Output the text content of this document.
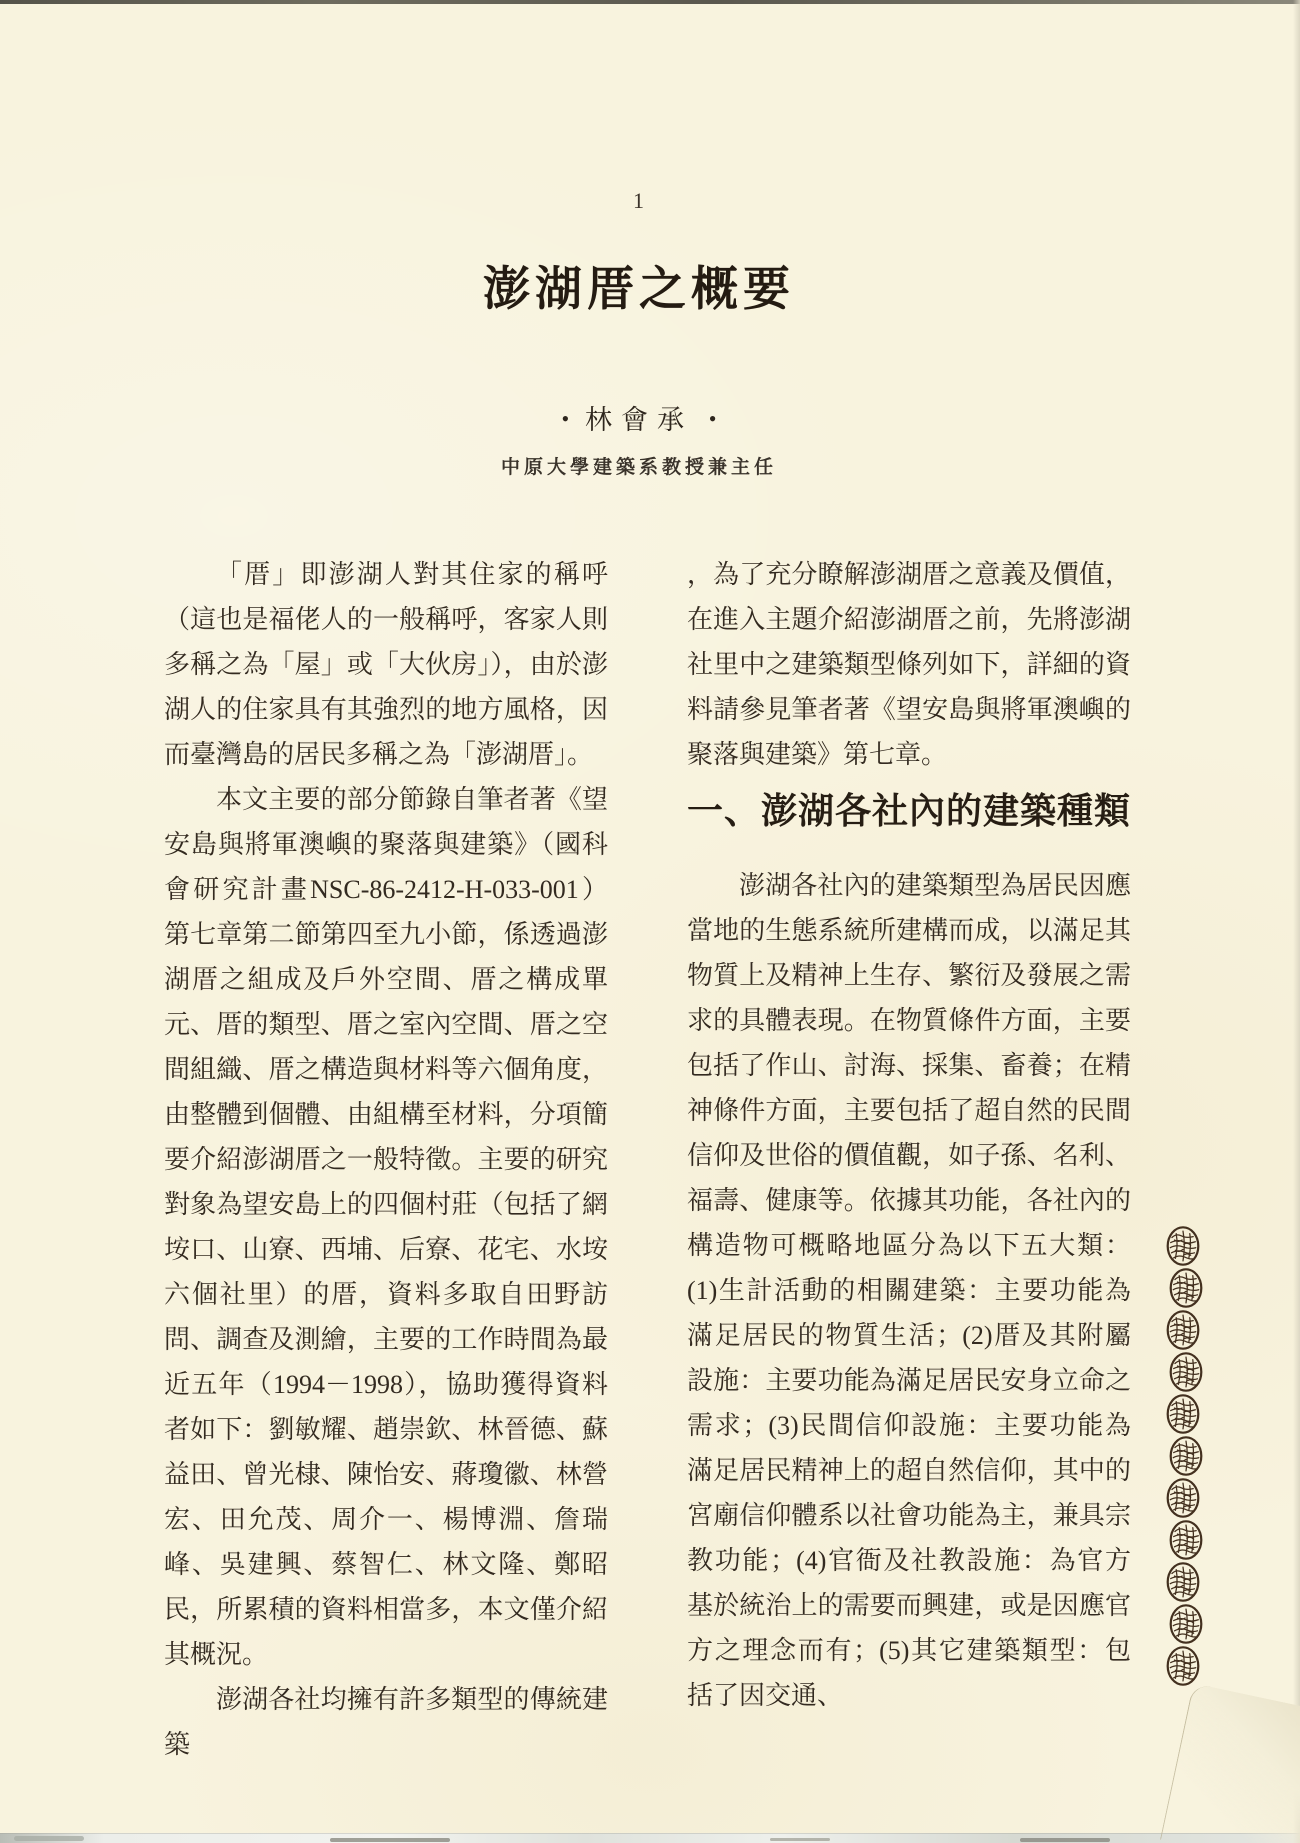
1
澎湖厝之概要
• 林會承 •
中原大學建築系教授兼主任

「厝」即澎湖人對其住家的稱呼（這也是福佬人的一般稱呼，客家人則多稱之為「屋」或「大伙房」），由於澎湖人的住家具有其強烈的地方風格，因而臺灣島的居民多稱之為「澎湖厝」。

本文主要的部分節錄自筆者著《望安島與將軍澳嶼的聚落與建築》（國科會研究計畫NSC-86-2412-H-033-001）第七章第二節第四至九小節，係透過澎湖厝之組成及戶外空間、厝之構成單元、厝的類型、厝之室內空間、厝之空間組織、厝之構造與材料等六個角度，由整體到個體、由組構至材料，分項簡要介紹澎湖厝之一般特徵。主要的研究對象為望安島上的四個村莊（包括了網垵口、山寮、西埔、后寮、花宅、水垵六個社里）的厝，資料多取自田野訪問、調查及測繪，主要的工作時間為最近五年（1994－1998），協助獲得資料者如下：劉敏耀、趙崇欽、林晉德、蘇益田、曾光棣、陳怡安、蔣瓊徽、林營宏、田允茂、周介一、楊博淵、詹瑞峰、吳建興、蔡智仁、林文隆、鄭昭民，所累積的資料相當多，本文僅介紹其概況。

澎湖各社均擁有許多類型的傳統建築

，為了充分瞭解澎湖厝之意義及價值，在進入主題介紹澎湖厝之前，先將澎湖社里中之建築類型條列如下，詳細的資料請參見筆者著《望安島與將軍澳嶼的聚落與建築》第七章。

一、澎湖各社內的建築種類

澎湖各社內的建築類型為居民因應當地的生態系統所建構而成，以滿足其物質上及精神上生存、繁衍及發展之需求的具體表現。在物質條件方面，主要包括了作山、討海、採集、畜養；在精神條件方面，主要包括了超自然的民間信仰及世俗的價值觀，如子孫、名利、福壽、健康等。依據其功能，各社內的構造物可概略地區分為以下五大類：(1)生計活動的相關建築：主要功能為滿足居民的物質生活；(2)厝及其附屬設施：主要功能為滿足居民安身立命之需求；(3)民間信仰設施：主要功能為滿足居民精神上的超自然信仰，其中的宮廟信仰體系以社會功能為主，兼具宗教功能；(4)官衙及社教設施：為官方基於統治上的需要而興建，或是因應官方之理念而有；(5)其它建築類型：包括了因交通、
